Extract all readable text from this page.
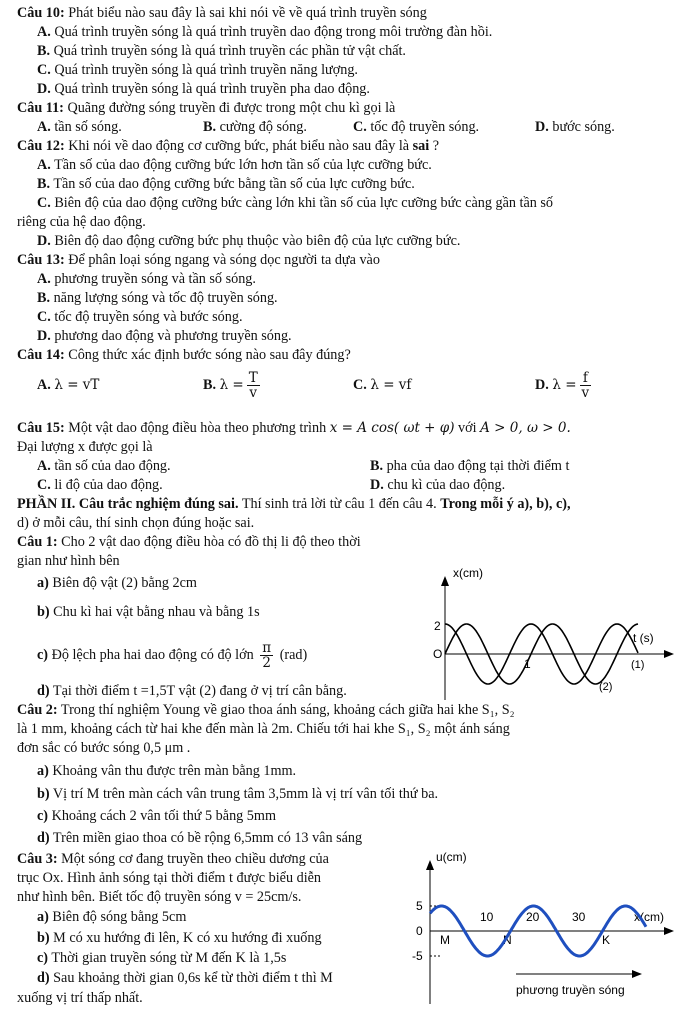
Câu 10: Phát biểu nào sau đây là sai khi nói về về quá trình truyền sóng
A. Quá trình truyền sóng là quá trình truyền dao động trong môi trường đàn hồi.
B. Quá trình truyền sóng là quá trình truyền các phần tử vật chất.
C. Quá trình truyền sóng là quá trình truyền năng lượng.
D. Quá trình truyền sóng là quá trình truyền pha dao động.
Câu 11: Quãng đường sóng truyền đi được trong một chu kì gọi là
A. tần số sóng.	B. cường độ sóng.	C. tốc độ truyền sóng.	D. bước sóng.
Câu 12: Khi nói về dao động cơ cưỡng bức, phát biểu nào sau đây là sai ?
A. Tần số của dao động cưỡng bức lớn hơn tần số của lực cưỡng bức.
B. Tần số của dao động cưỡng bức bằng tần số của lực cưỡng bức.
C. Biên độ của dao động cưỡng bức càng lớn khi tần số của lực cưỡng bức càng gần tần số
riêng của hệ dao động.
D. Biên độ dao động cưỡng bức phụ thuộc vào biên độ của lực cưỡng bức.
Câu 13: Để phân loại sóng ngang và sóng dọc người ta dựa vào
A. phương truyền sóng và tần số sóng.
B. năng lượng sóng và tốc độ truyền sóng.
C. tốc độ truyền sóng và bước sóng.
D. phương dao động và phương truyền sóng.
Câu 14: Công thức xác định bước sóng nào sau đây đúng?
A. λ = vT	B. $\lambda = \frac{T}{v}$	C. λ = vf	D. $\lambda = \frac{f}{v}$
Câu 15: Một vật dao động điều hòa theo phương trình x = A cos( ωt + φ) với A > 0, ω > 0.
Đại lượng x được gọi là
A. tần số của dao động.	B. pha của dao động tại thời điểm t
C. li độ của dao động.	D. chu kì của dao động.
PHẦN II. Câu trắc nghiệm đúng sai. Thí sinh trả lời từ câu 1 đến câu 4. Trong mỗi ý a), b), c),
d) ở mỗi câu, thí sinh chọn đúng hoặc sai.
Câu 1: Cho 2 vật dao động điều hòa có đồ thị li độ theo thời
gian như hình bên
a) Biên độ vật (2) bằng 2cm
b) Chu kì hai vật bằng nhau và bằng 1s
c) Độ lệch pha hai dao động có độ lớn $\frac{\pi}{2} (rad)$
d) Tại thời điểm t =1,5T vật (2) đang ở vị trí cân bằng.
x(cm)
t (s)
2
O
1	(1)
(2)
Câu 2: Trong thí nghiệm Young về giao thoa ánh sáng, khoảng cách giữa hai khe S₁, S₂
là 1 mm, khoảng cách từ hai khe đến màn là 2m. Chiếu tới hai khe S₁, S₂ một ánh sáng
đơn sắc có bước sóng 0,5 μm .
a) Khoảng vân thu được trên màn bằng 1mm.
b) Vị trí M trên màn cách vân trung tâm 3,5mm là vị trí vân tối thứ ba.
c) Khoảng cách 2 vân tối thứ 5 bằng 5mm
d) Trên miền giao thoa có bề rộng 6,5mm có 13 vân sáng
Câu 3: Một sóng cơ đang truyền theo chiều dương của
trục Ox. Hình ảnh sóng tại thời điểm t được biểu diễn
như hình bên. Biết tốc độ truyền sóng v = 25cm/s.
a) Biên độ sóng bằng 5cm
b) M có xu hướng đi lên, K có xu hướng đi xuống
c) Thời gian truyền sóng từ M đến K là 1,5s
d) Sau khoảng thời gian 0,6s kể từ thời điểm t thì M
xuống vị trí thấp nhất.
u(cm)
x(cm)
5
0
-5
10	20	30
M	N	K
phương truyền sóng
